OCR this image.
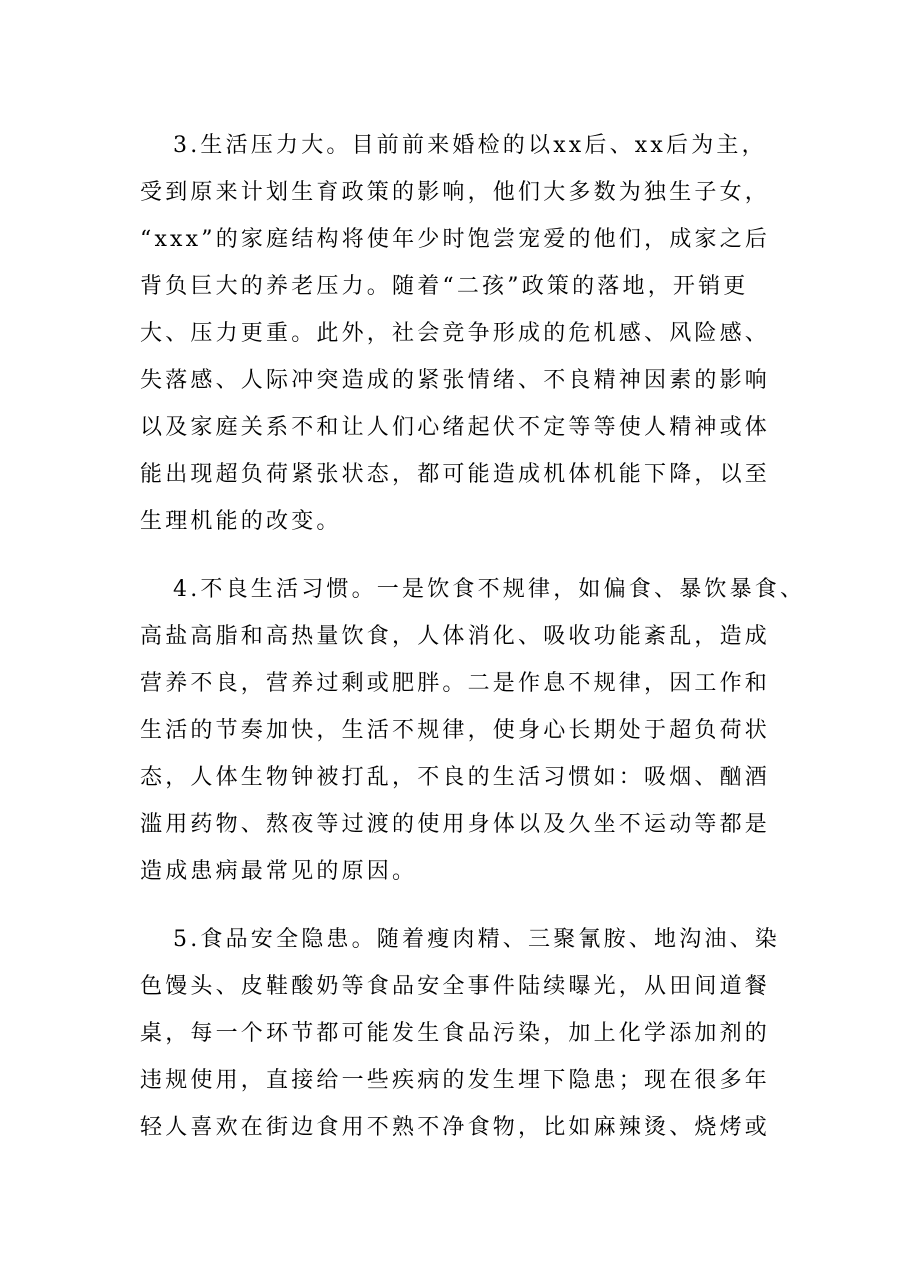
3.生活压力大。目前前来婚检的以xx后、xx后为主，
受到原来计划生育政策的影响，他们大多数为独生子女，
“xxx”的家庭结构将使年少时饱尝宠爱的他们，成家之后
背负巨大的养老压力。随着“二孩”政策的落地，开销更
大、压力更重。此外，社会竞争形成的危机感、风险感、
失落感、人际冲突造成的紧张情绪、不良精神因素的影响
以及家庭关系不和让人们心绪起伏不定等等使人精神或体
能出现超负荷紧张状态，都可能造成机体机能下降，以至
生理机能的改变。
4.不良生活习惯。一是饮食不规律，如偏食、暴饮暴食、
高盐高脂和高热量饮食，人体消化、吸收功能紊乱，造成
营养不良，营养过剩或肥胖。二是作息不规律，因工作和
生活的节奏加快，生活不规律，使身心长期处于超负荷状
态，人体生物钟被打乱，不良的生活习惯如：吸烟、酗酒
滥用药物、熬夜等过渡的使用身体以及久坐不运动等都是
造成患病最常见的原因。
5.食品安全隐患。随着瘦肉精、三聚氰胺、地沟油、染
色馒头、皮鞋酸奶等食品安全事件陆续曝光，从田间道餐
桌，每一个环节都可能发生食品污染，加上化学添加剂的
违规使用，直接给一些疾病的发生埋下隐患；现在很多年
轻人喜欢在街边食用不熟不净食物，比如麻辣烫、烧烤或
